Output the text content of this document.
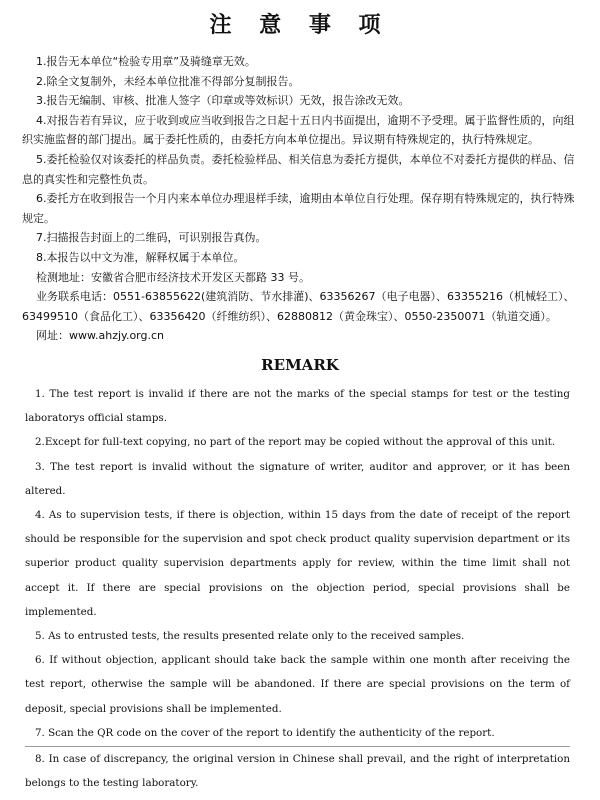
注 意 事 项

1.报告无本单位“检验专用章”及骑缝章无效。

2.除全文复制外，未经本单位批准不得部分复制报告。

3.报告无编制、审核、批准人签字（印章或等效标识）无效，报告涂改无效。

4.对报告若有异议，应于收到或应当收到报告之日起十五日内书面提出，逾期不予受理。属于监督性质的，向组织实施监督的部门提出。属于委托性质的，由委托方向本单位提出。异议期有特殊规定的，执行特殊规定。

5.委托检验仅对该委托的样品负责。委托检验样品、相关信息为委托方提供，本单位不对委托方提供的样品、信息的真实性和完整性负责。

6.委托方在收到报告一个月内来本单位办理退样手续，逾期由本单位自行处理。保存期有特殊规定的，执行特殊规定。

7.扫描报告封面上的二维码，可识别报告真伪。

8.本报告以中文为准，解释权属于本单位。

检测地址：安徽省合肥市经济技术开发区天都路 33 号。

业务联系电话：0551-63855622(建筑消防、节水排灌)、63356267（电子电器）、63355216（机械轻工）、63499510（食品化工）、63356420（纤维纺织）、62880812（黄金珠宝）、0550-2350071（轨道交通）。

网址：www.ahzjy.org.cn

REMARK

1. The test report is invalid if there are not the marks of the special stamps for test or the testing laboratorys official stamps.

2.Except for full-text copying, no part of the report may be copied without the approval of this unit.

3. The test report is invalid without the signature of writer, auditor and approver, or it has been altered.

4. As to supervision tests, if there is objection, within 15 days from the date of receipt of the report should be responsible for the supervision and spot check product quality supervision department or its superior product quality supervision departments apply for review, within the time limit shall not accept it. If there are special provisions on the objection period, special provisions shall be implemented.

5. As to entrusted tests, the results presented relate only to the received samples.

6. If without objection, applicant should take back the sample within one month after receiving the test report, otherwise the sample will be abandoned. If there are special provisions on the term of deposit, special provisions shall be implemented.

7. Scan the QR code on the cover of the report to identify the authenticity of the report.

8. In case of discrepancy, the original version in Chinese shall prevail, and the right of interpretation belongs to the testing laboratory.
